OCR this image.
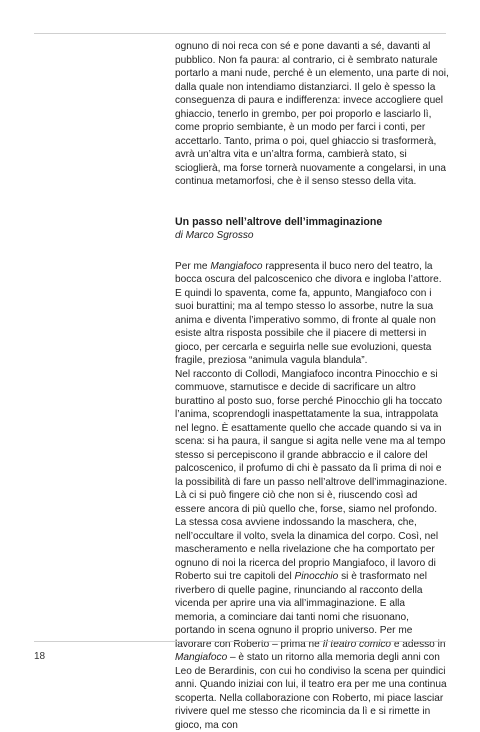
ognuno di noi reca con sé e pone davanti a sé, davanti al pubblico. Non fa paura: al contrario, ci è sembrato naturale portarlo a mani nude, perché è un elemento, una parte di noi, dalla quale non intendiamo distanziarci. Il gelo è spesso la conseguenza di paura e indifferenza: invece accogliere quel ghiaccio, tenerlo in grembo, per poi proporlo e lasciarlo lì, come proprio sembiante, è un modo per farci i conti, per accettarlo. Tanto, prima o poi, quel ghiaccio si trasformerà, avrà un’altra vita e un’altra forma, cambierà stato, si scioglierà, ma forse tornerà nuovamente a congelarsi, in una continua metamorfosi, che è il senso stesso della vita.

Un passo nell’altrove dell’immaginazione

di Marco Sgrosso

Per me Mangiafoco rappresenta il buco nero del teatro, la bocca oscura del palcoscenico che divora e ingloba l’attore. E quindi lo spaventa, come fa, appunto, Mangiafoco con i suoi burattini; ma al tempo stesso lo assorbe, nutre la sua anima e diventa l’imperativo sommo, di fronte al quale non esiste altra risposta possibile che il piacere di mettersi in gioco, per cercarla e seguirla nelle sue evoluzioni, questa fragile, preziosa “animula vagula blandula”.

Nel racconto di Collodi, Mangiafoco incontra Pinocchio e si commuove, starnutisce e decide di sacrificare un altro burattino al posto suo, forse perché Pinocchio gli ha toccato l’anima, scoprendogli inaspettatamente la sua, intrappolata nel legno. È esattamente quello che accade quando si va in scena: si ha paura, il sangue si agita nelle vene ma al tempo stesso si percepiscono il grande abbraccio e il calore del palcoscenico, il profumo di chi è passato da lì prima di noi e la possibilità di fare un passo nell’altrove dell’immaginazione. Là ci si può fingere ciò che non si è, riuscendo così ad essere ancora di più quello che, forse, siamo nel profondo. La stessa cosa avviene indossando la maschera, che, nell’occultare il volto, svela la dinamica del corpo. Così, nel mascheramento e nella rivelazione che ha comportato per ognuno di noi la ricerca del proprio Mangiafoco, il lavoro di Roberto sui tre capitoli del Pinocchio si è trasformato nel riverbero di quelle pagine, rinunciando al racconto della vicenda per aprire una via all’immaginazione. E alla memoria, a cominciare dai tanti nomi che risuonano, portando in scena ognuno il proprio universo. Per me lavorare con Roberto – prima ne Il teatro comico e adesso in Mangiafoco – è stato un ritorno alla memoria degli anni con Leo de Berardinis, con cui ho condiviso la scena per quindici anni. Quando iniziai con lui, il teatro era per me una continua scoperta. Nella collaborazione con Roberto, mi piace lasciar rivivere quel me stesso che ricomincia da lì e si rimette in gioco, ma con

18
